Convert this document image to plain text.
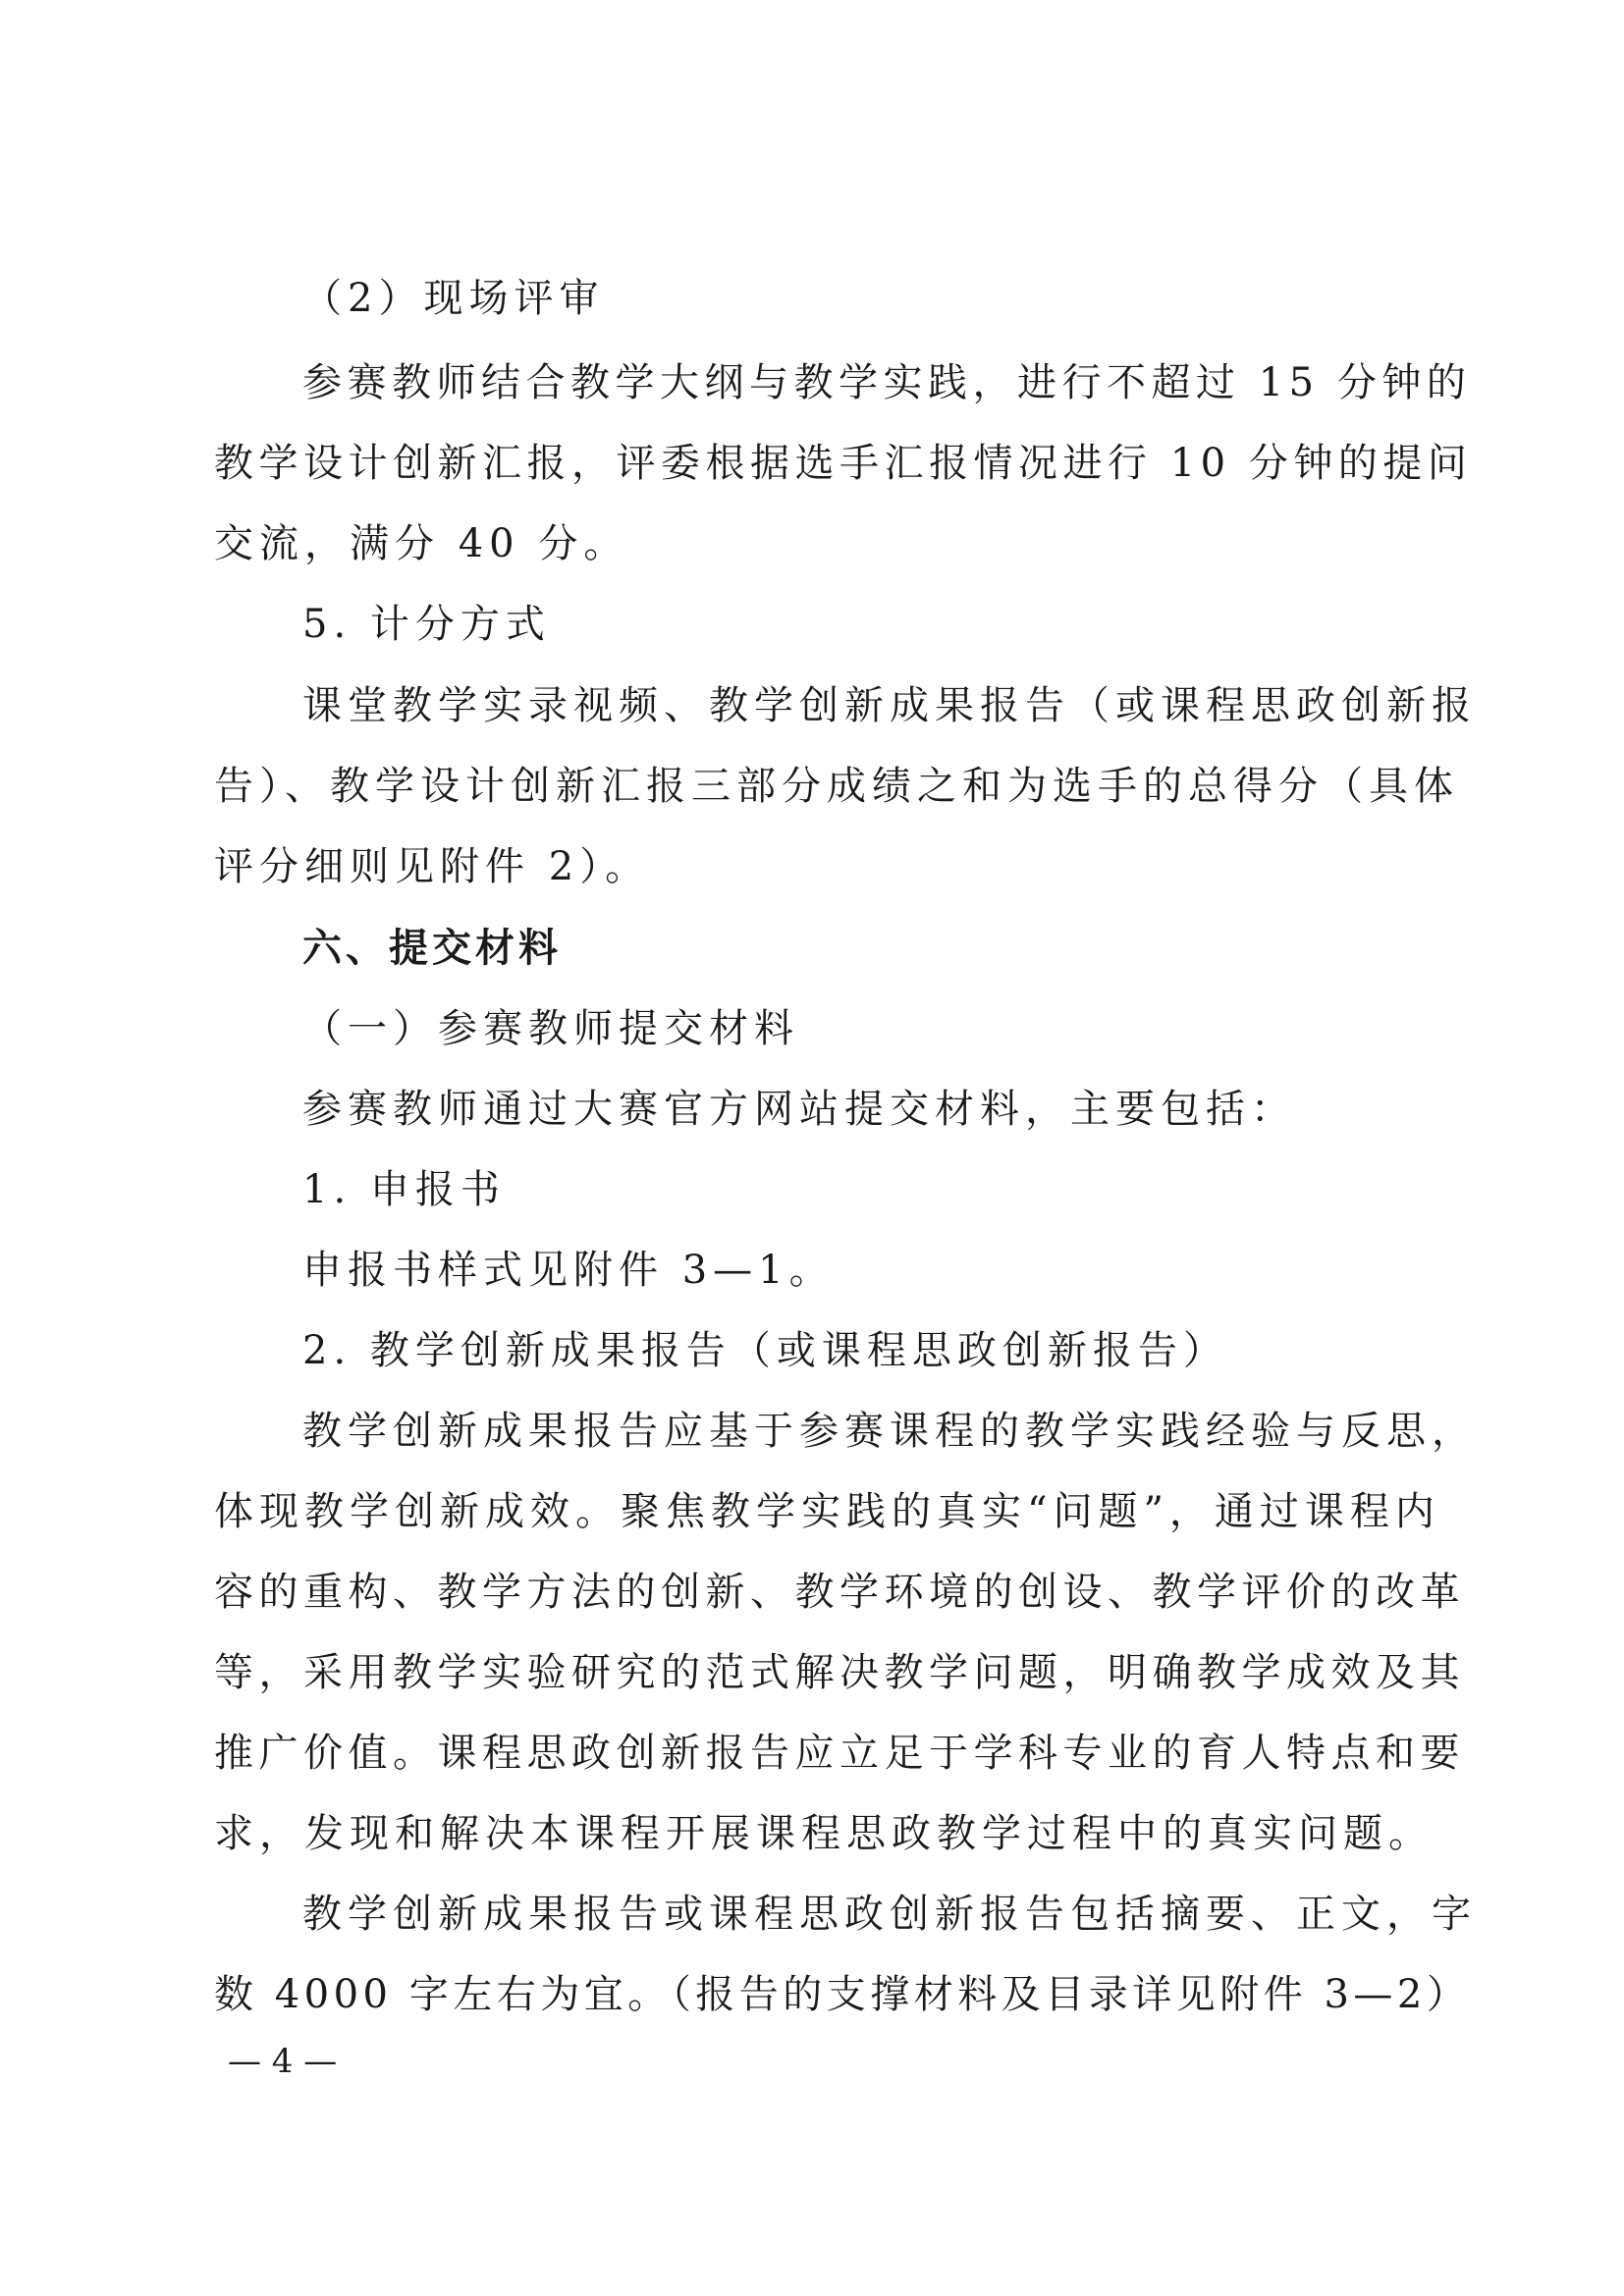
（2）现场评审
参赛教师结合教学大纲与教学实践，进行不超过 15 分钟的
教学设计创新汇报，评委根据选手汇报情况进行 10 分钟的提问
交流，满分 40 分。
5. 计分方式
课堂教学实录视频、教学创新成果报告（或课程思政创新报
告）、教学设计创新汇报三部分成绩之和为选手的总得分（具体
评分细则见附件 2）。
六、提交材料
（一）参赛教师提交材料
参赛教师通过大赛官方网站提交材料，主要包括：
1. 申报书
申报书样式见附件 3—1。
2. 教学创新成果报告（或课程思政创新报告）
教学创新成果报告应基于参赛课程的教学实践经验与反思，
体现教学创新成效。聚焦教学实践的真实“问题”，通过课程内
容的重构、教学方法的创新、教学环境的创设、教学评价的改革
等，采用教学实验研究的范式解决教学问题，明确教学成效及其
推广价值。课程思政创新报告应立足于学科专业的育人特点和要
求，发现和解决本课程开展课程思政教学过程中的真实问题。
教学创新成果报告或课程思政创新报告包括摘要、正文，字
数 4000 字左右为宜。（报告的支撑材料及目录详见附件 3—2）
— 4 —
